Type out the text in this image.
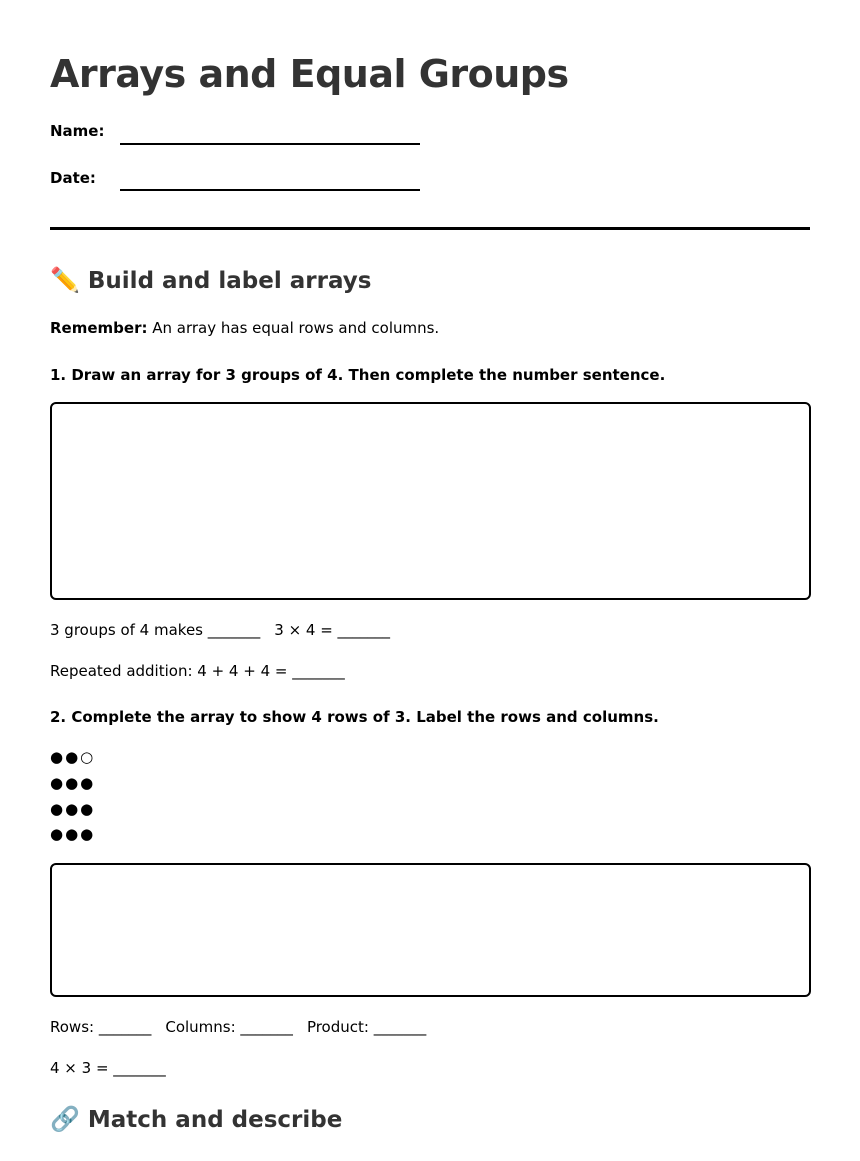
Arrays and Equal Groups
Name:
Date:
✏️ Build and label arrays
Remember: An array has equal rows and columns.
1. Draw an array for 3 groups of 4. Then complete the number sentence.
3 groups of 4 makes _______ 3 × 4 = _______
Repeated addition: 4 + 4 + 4 = _______
2. Complete the array to show 4 rows of 3. Label the rows and columns.
●●○
●●●
●●●
●●●
Rows: _______ Columns: _______ Product: _______
4 × 3 = _______
🔗 Match and describe
